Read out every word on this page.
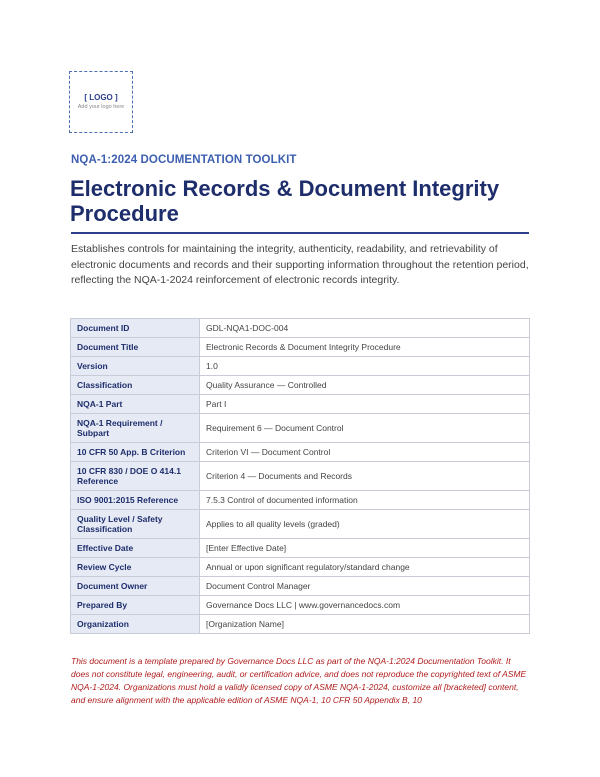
[ LOGO ]
Add your logo here
NQA-1:2024 DOCUMENTATION TOOLKIT
Electronic Records & Document Integrity Procedure
Establishes controls for maintaining the integrity, authenticity, readability, and retrievability of electronic documents and records and their supporting information throughout the retention period, reflecting the NQA-1-2024 reinforcement of electronic records integrity.
Document ID	GDL-NQA1-DOC-004
Document Title	Electronic Records & Document Integrity Procedure
Version	1.0
Classification	Quality Assurance — Controlled
NQA-1 Part	Part I
NQA-1 Requirement / Subpart	Requirement 6 — Document Control
10 CFR 50 App. B Criterion	Criterion VI — Document Control
10 CFR 830 / DOE O 414.1 Reference	Criterion 4 — Documents and Records
ISO 9001:2015 Reference	7.5.3 Control of documented information
Quality Level / Safety Classification	Applies to all quality levels (graded)
Effective Date	[Enter Effective Date]
Review Cycle	Annual or upon significant regulatory/standard change
Document Owner	Document Control Manager
Prepared By	Governance Docs LLC | www.governancedocs.com
Organization	[Organization Name]
This document is a template prepared by Governance Docs LLC as part of the NQA-1:2024 Documentation Toolkit. It does not constitute legal, engineering, audit, or certification advice, and does not reproduce the copyrighted text of ASME NQA-1-2024. Organizations must hold a validly licensed copy of ASME NQA-1-2024, customize all [bracketed] content, and ensure alignment with the applicable edition of ASME NQA-1, 10 CFR 50 Appendix B, 10
